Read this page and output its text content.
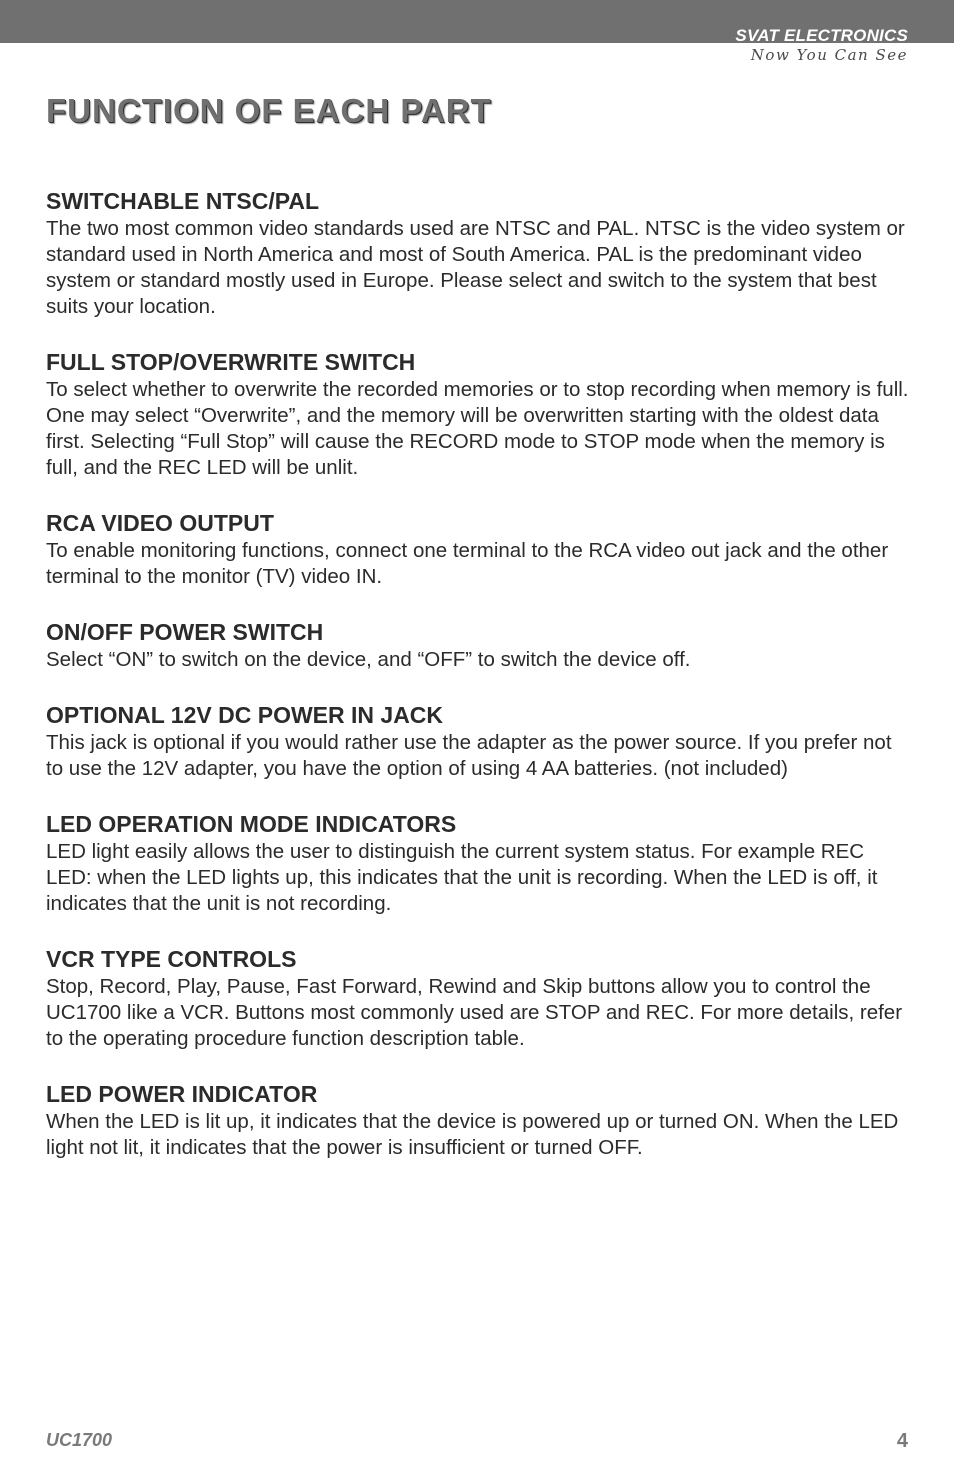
SVAT ELECTRONICS
Now You Can See
FUNCTION OF EACH PART
SWITCHABLE NTSC/PAL

The two most common video standards used are NTSC and PAL. NTSC is the video system or standard used in North America and most of South America. PAL is the predominant video system or standard mostly used in Europe. Please select and switch to the system that best suits your location.

FULL STOP/OVERWRITE SWITCH

To select whether to overwrite the recorded memories or to stop recording when memory is full. One may select “Overwrite”, and the memory will be overwritten starting with the oldest data first. Selecting “Full Stop” will cause the RECORD mode to STOP mode when the memory is full, and the REC LED will be unlit.

RCA VIDEO OUTPUT

To enable monitoring functions, connect one terminal to the RCA video out jack and the other terminal to the monitor (TV) video IN.

ON/OFF POWER SWITCH

Select “ON” to switch on the device, and “OFF” to switch the device off.

OPTIONAL 12V DC POWER IN JACK

This jack is optional if you would rather use the adapter as the power source. If you prefer not to use the 12V adapter, you have the option of using 4 AA batteries. (not included)

LED OPERATION MODE INDICATORS

LED light easily allows the user to distinguish the current system status. For example REC LED: when the LED lights up, this indicates that the unit is recording. When the LED is off, it indicates that the unit is not recording.

VCR TYPE CONTROLS

Stop, Record, Play, Pause, Fast Forward, Rewind and Skip buttons allow you to control the UC1700 like a VCR. Buttons most commonly used are STOP and REC. For more details, refer to the operating procedure function description table.

LED POWER INDICATOR

When the LED is lit up, it indicates that the device is powered up or turned ON. When the LED light not lit, it indicates that the power is insufficient or turned OFF.

UC1700	4
